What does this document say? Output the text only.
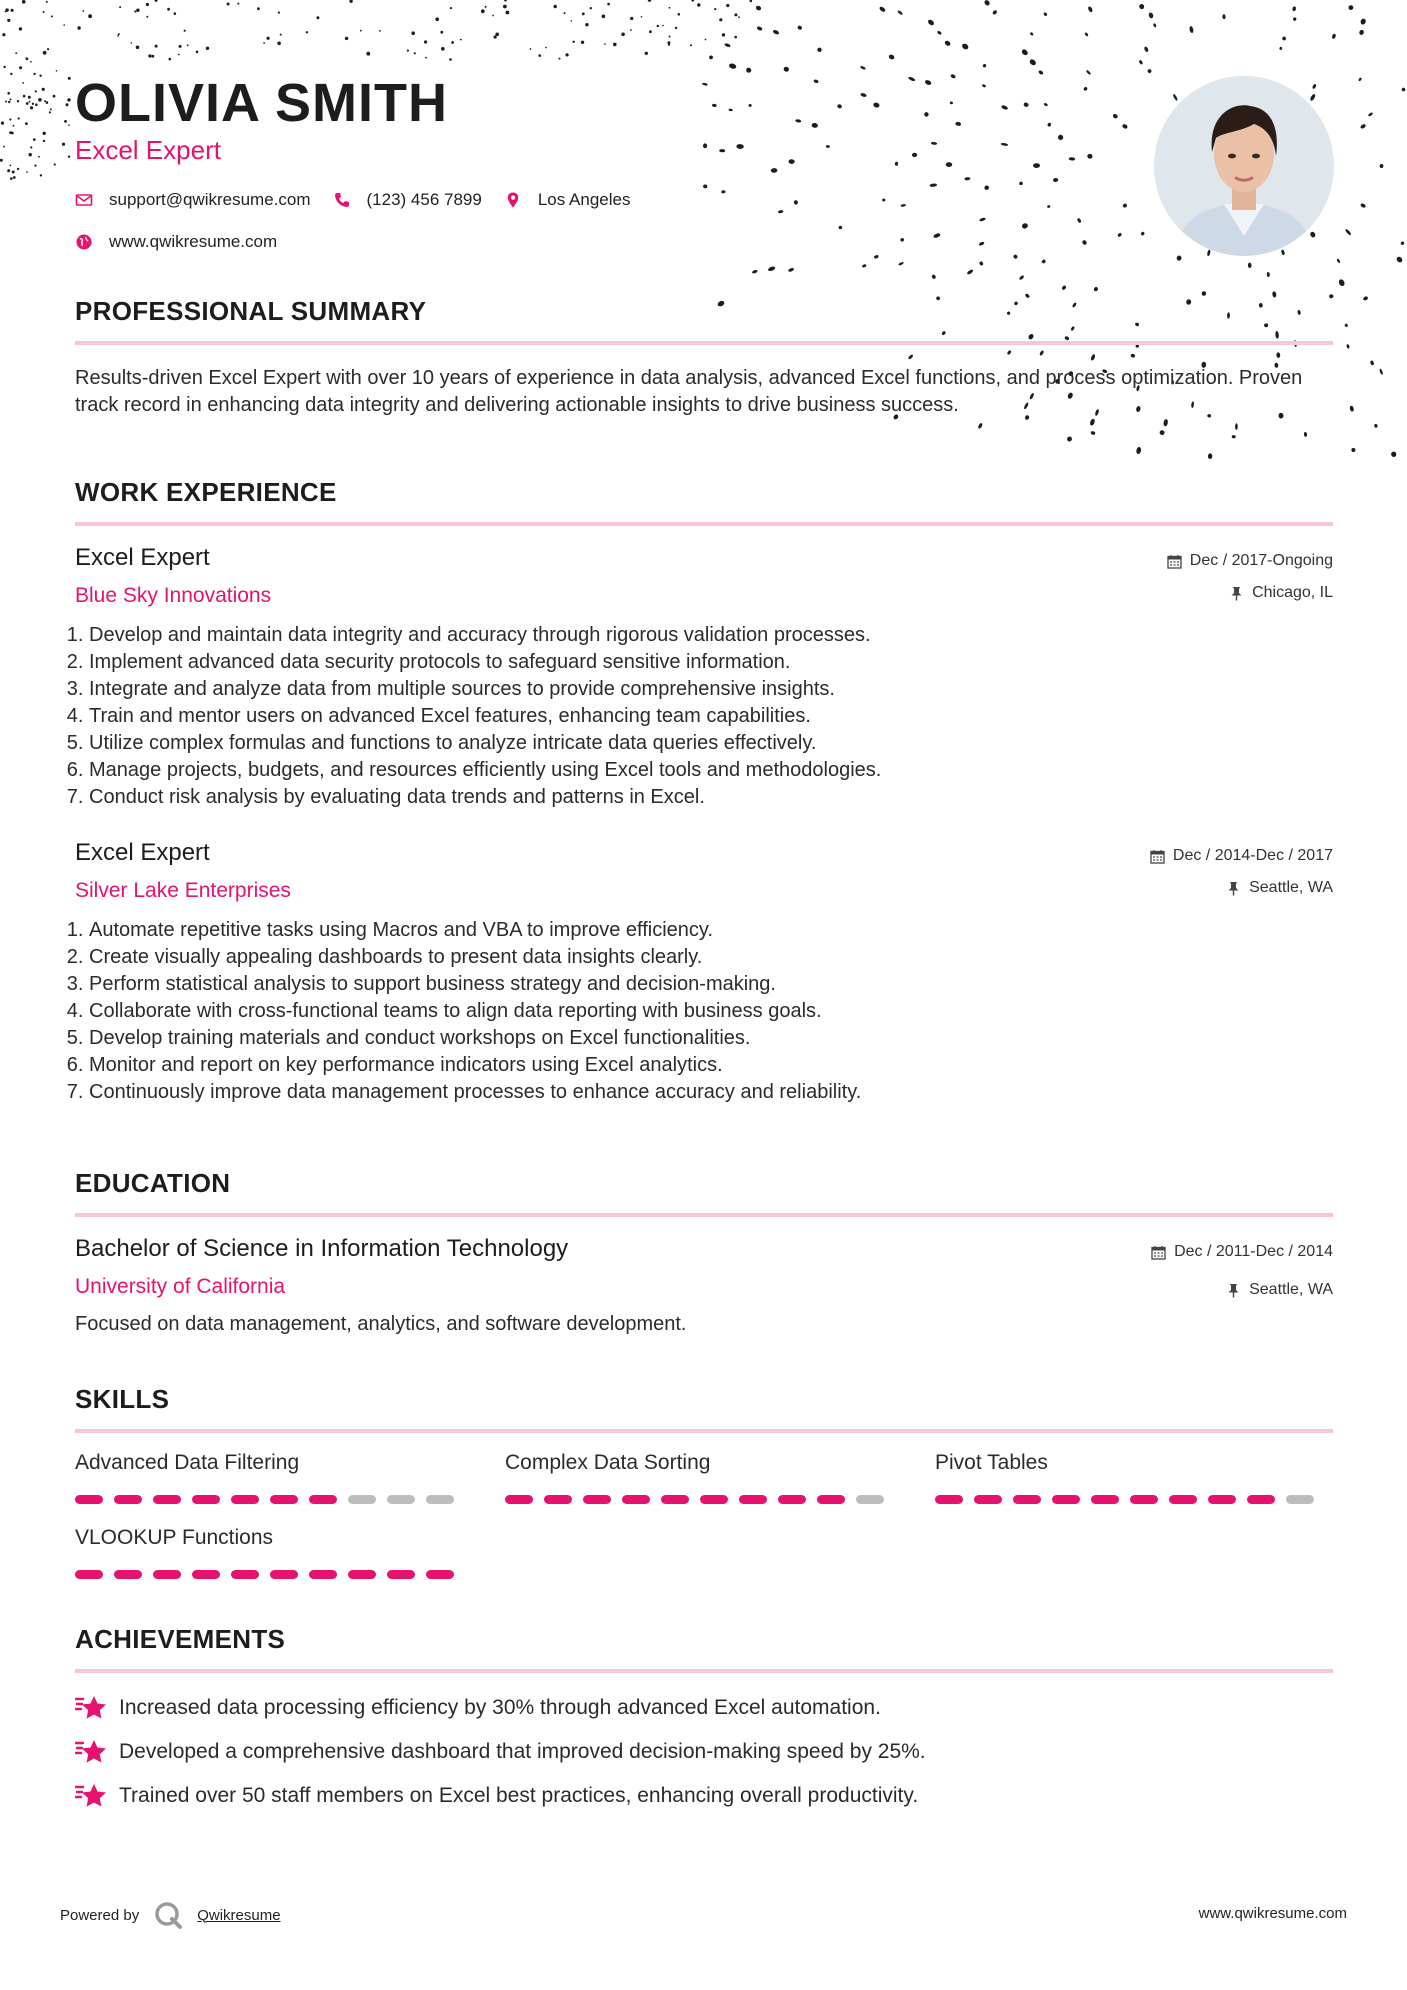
OLIVIA SMITH
Excel Expert
support@qwikresume.com	(123) 456 7899	Los Angeles
www.qwikresume.com
PROFESSIONAL SUMMARY
Results-driven Excel Expert with over 10 years of experience in data analysis, advanced Excel functions, and process optimization. Proven track record in enhancing data integrity and delivering actionable insights to drive business success.
WORK EXPERIENCE
Excel Expert
Blue Sky Innovations
Dec / 2017-Ongoing
Chicago, IL
1. Develop and maintain data integrity and accuracy through rigorous validation processes.
2. Implement advanced data security protocols to safeguard sensitive information.
3. Integrate and analyze data from multiple sources to provide comprehensive insights.
4. Train and mentor users on advanced Excel features, enhancing team capabilities.
5. Utilize complex formulas and functions to analyze intricate data queries effectively.
6. Manage projects, budgets, and resources efficiently using Excel tools and methodologies.
7. Conduct risk analysis by evaluating data trends and patterns in Excel.
Excel Expert
Silver Lake Enterprises
Dec / 2014-Dec / 2017
Seattle, WA
1. Automate repetitive tasks using Macros and VBA to improve efficiency.
2. Create visually appealing dashboards to present data insights clearly.
3. Perform statistical analysis to support business strategy and decision-making.
4. Collaborate with cross-functional teams to align data reporting with business goals.
5. Develop training materials and conduct workshops on Excel functionalities.
6. Monitor and report on key performance indicators using Excel analytics.
7. Continuously improve data management processes to enhance accuracy and reliability.
EDUCATION
Bachelor of Science in Information Technology
University of California
Dec / 2011-Dec / 2014
Seattle, WA
Focused on data management, analytics, and software development.
SKILLS
Advanced Data Filtering	Complex Data Sorting	Pivot Tables
VLOOKUP Functions
ACHIEVEMENTS
Increased data processing efficiency by 30% through advanced Excel automation.
Developed a comprehensive dashboard that improved decision-making speed by 25%.
Trained over 50 staff members on Excel best practices, enhancing overall productivity.
Powered by	Qwikresume	www.qwikresume.com
